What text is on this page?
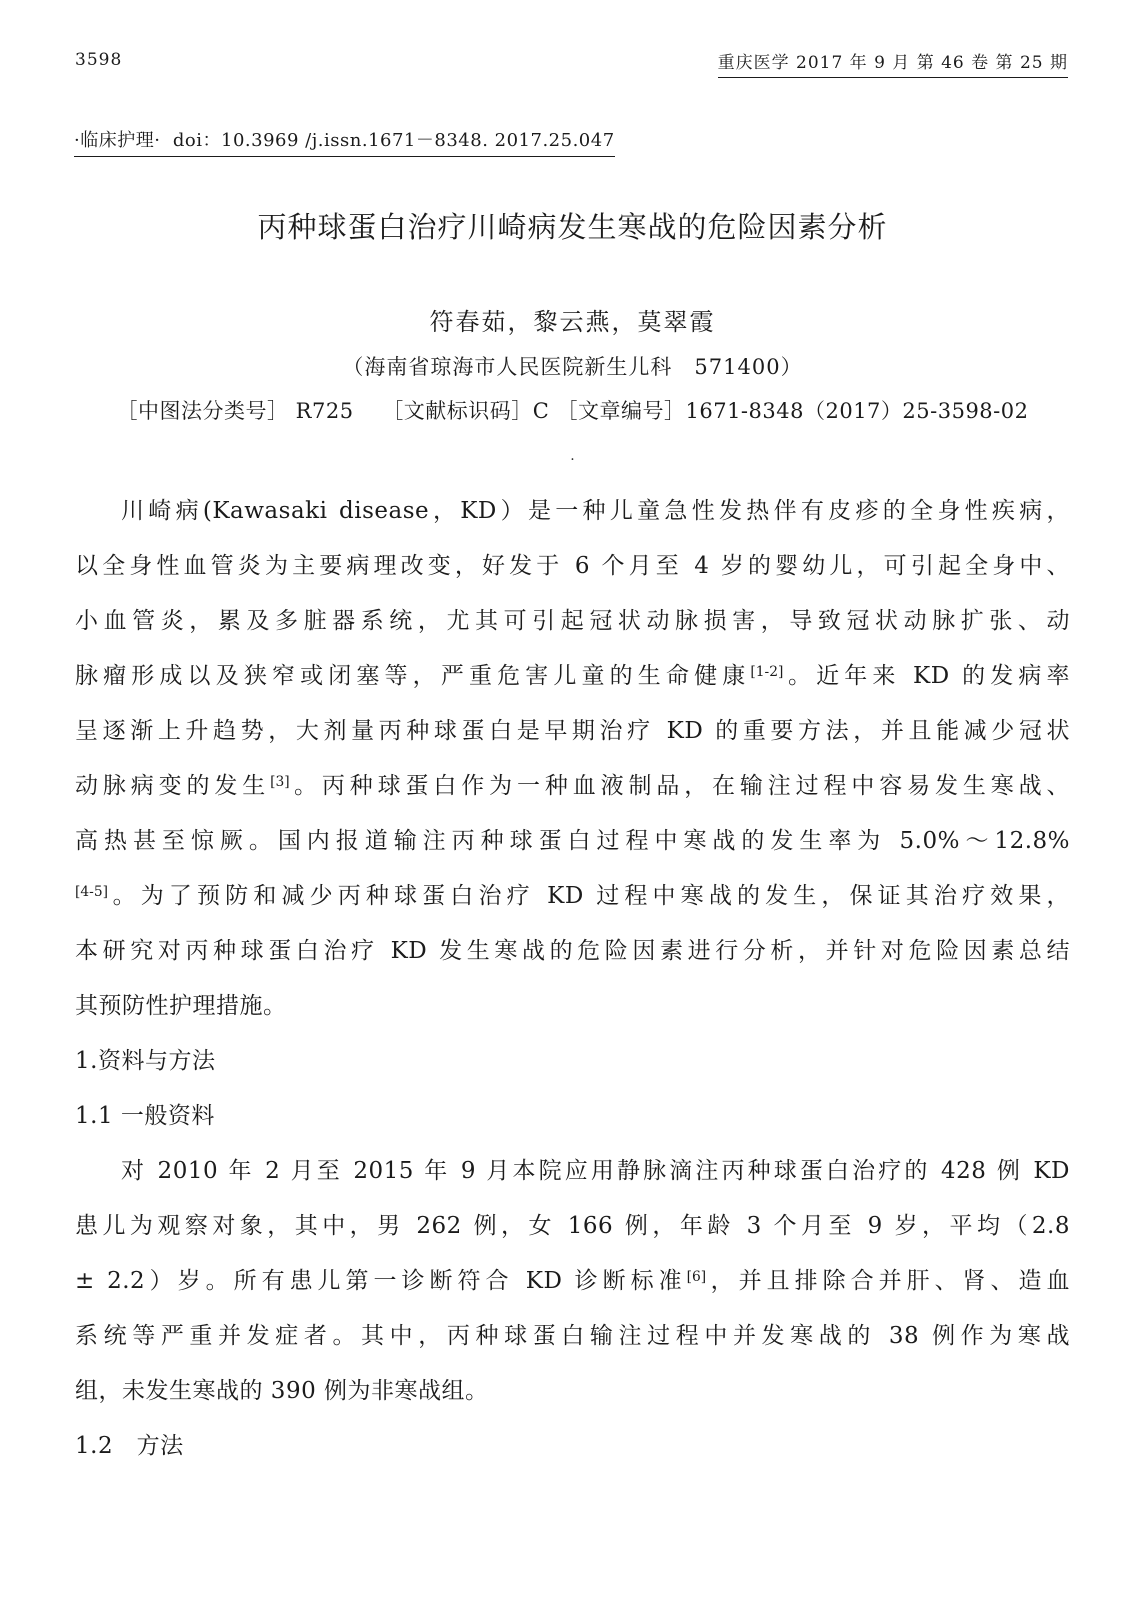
3598	重庆医学 2017 年 9 月 第 46 卷 第 25 期
·临床护理·  doi：10.3969 /j.issn.1671－8348. 2017.25.047
丙种球蛋白治疗川崎病发生寒战的危险因素分析
符春茹，黎云燕，莫翠霞
（海南省琼海市人民医院新生儿科　571400）
［中图法分类号］ R725　 ［文献标识码］C ［文章编号］1671-8348（2017）25-3598-02
·
川崎病(Kawasaki disease，KD）是一种儿童急性发热伴有皮疹的全身性疾病，
以全身性血管炎为主要病理改变，好发于 6 个月至 4 岁的婴幼儿，可引起全身中、
小血管炎，累及多脏器系统，尤其可引起冠状动脉损害，导致冠状动脉扩张、动
脉瘤形成以及狭窄或闭塞等，严重危害儿童的生命健康[1-2]。近年来 KD 的发病率
呈逐渐上升趋势，大剂量丙种球蛋白是早期治疗 KD 的重要方法，并且能减少冠状
动脉病变的发生[3]。丙种球蛋白作为一种血液制品，在输注过程中容易发生寒战、
高热甚至惊厥。国内报道输注丙种球蛋白过程中寒战的发生率为 5.0%～12.8%
[4-5]。为了预防和减少丙种球蛋白治疗 KD 过程中寒战的发生，保证其治疗效果，
本研究对丙种球蛋白治疗 KD 发生寒战的危险因素进行分析，并针对危险因素总结
其预防性护理措施。
1.资料与方法
1.1 一般资料
对 2010 年 2 月至 2015 年 9 月本院应用静脉滴注丙种球蛋白治疗的 428 例 KD
患儿为观察对象，其中，男 262 例，女 166 例，年龄 3 个月至 9 岁，平均（2.8
± 2.2）岁。所有患儿第一诊断符合 KD 诊断标准[6]，并且排除合并肝、肾、造血
系统等严重并发症者。其中，丙种球蛋白输注过程中并发寒战的 38 例作为寒战
组，未发生寒战的 390 例为非寒战组。
1.2　方法
